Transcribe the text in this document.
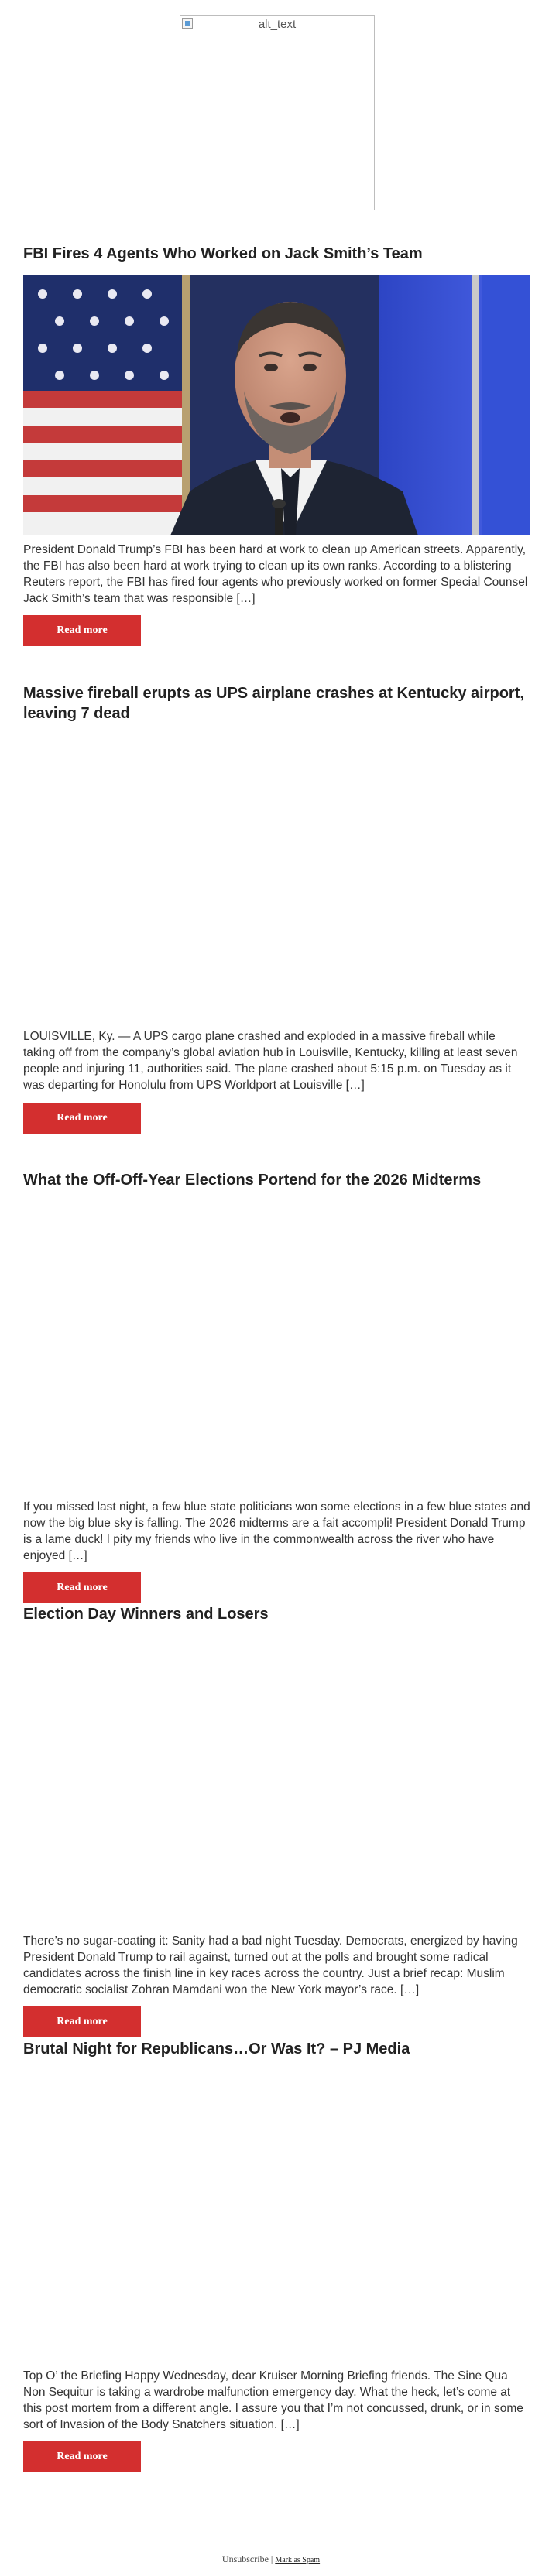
alt_text
FBI Fires 4 Agents Who Worked on Jack Smith’s Team

President Donald Trump’s FBI has been hard at work to clean up American streets. Apparently, the FBI has also been hard at work trying to clean up its own ranks. According to a blistering Reuters report, the FBI has fired four agents who previously worked on former Special Counsel Jack Smith’s team that was responsible […]

Read more
Massive fireball erupts as UPS airplane crashes at Kentucky airport, leaving 7 dead

LOUISVILLE, Ky. — A UPS cargo plane crashed and exploded in a massive fireball while taking off from the company’s global aviation hub in Louisville, Kentucky, killing at least seven people and injuring 11, authorities said. The plane crashed about 5:15 p.m. on Tuesday as it was departing for Honolulu from UPS Worldport at Louisville […]

Read more
What the Off-Off-Year Elections Portend for the 2026 Midterms

If you missed last night, a few blue state politicians won some elections in a few blue states and now the big blue sky is falling. The 2026 midterms are a fait accompli! President Donald Trump is a lame duck! I pity my friends who live in the commonwealth across the river who have enjoyed […]

Read more
Election Day Winners and Losers

There’s no sugar-coating it: Sanity had a bad night Tuesday. Democrats, energized by having President Donald Trump to rail against, turned out at the polls and brought some radical candidates across the finish line in key races across the country. Just a brief recap: Muslim democratic socialist Zohran Mamdani won the New York mayor’s race. […]

Read more
Brutal Night for Republicans…Or Was It? – PJ Media

Top O’ the Briefing Happy Wednesday, dear Kruiser Morning Briefing friends. The Sine Qua Non Sequitur is taking a wardrobe malfunction emergency day. What the heck, let’s come at this post mortem from a different angle. I assure you that I’m not concussed, drunk, or in some sort of Invasion of the Body Snatchers situation. […]

Read more
Unsubscribe | Mark as Spam
